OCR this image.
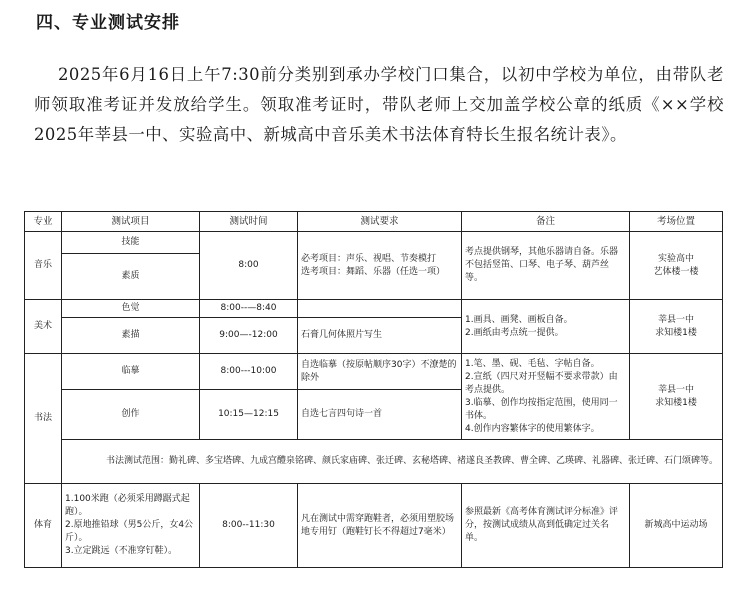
四、专业测试安排
2025年6月16日上午7:30前分类别到承办学校门口集合，以初中学校为单位，由带队老师领取准考证并发放给学生。领取准考证时，带队老师上交加盖学校公章的纸质《××学校2025年莘县一中、实验高中、新城高中音乐美术书法体育特长生报名统计表》。
专业	测试项目	测试时间	测试要求	备注	考场位置
音乐	技能	8:00	必考项目：声乐、视唱、节奏模打
选考项目：舞蹈、乐器（任选一项）	考点提供钢琴，其他乐器请自备。乐器不包括竖笛、口琴、电子琴、葫芦丝等。	实验高中
艺体楼一楼
	素质				
美术	色觉	8:00--—8:40		1.画具、画凳、画板自备。
2.画纸由考点统一提供。	莘县一中
求知楼1楼
	素描	9:00—-12:00	石膏几何体照片写生		
书法	临摹	8:00---10:00	自选临摹（按原帖顺序30字）不潦楚的除外	1.笔、墨、砚、毛毡、字帖自备。
2.宣纸（四尺对开竖幅不要求带款）由考点提供。
3.临摹、创作均按指定范围，使用同一书体。
4.创作内容繁体字的使用繁体字。	莘县一中
求知楼1楼
	创作	10:15—12:15	自选七言四句诗一首		
	书法测试范围：勤礼碑、多宝塔碑、九成宫醴泉铭碑、颜氏家庙碑、张迁碑、玄秘塔碑、褚遂良圣教碑、曹全碑、乙瑛碑、礼器碑、张迁碑、石门颂碑等。				
体育	1.100米跑（必须采用蹲踞式起跑）。
2.原地推铅球（男5公斤，女4公斤）。
3.立定跳远（不准穿钉鞋）。	8:00--11:30	凡在测试中需穿跑鞋者，必须用塑胶场地专用钉（跑鞋钉长不得超过7毫米）	参照最新《高考体育测试评分标准》评分，按测试成绩从高到低确定过关名单。	新城高中运动场
